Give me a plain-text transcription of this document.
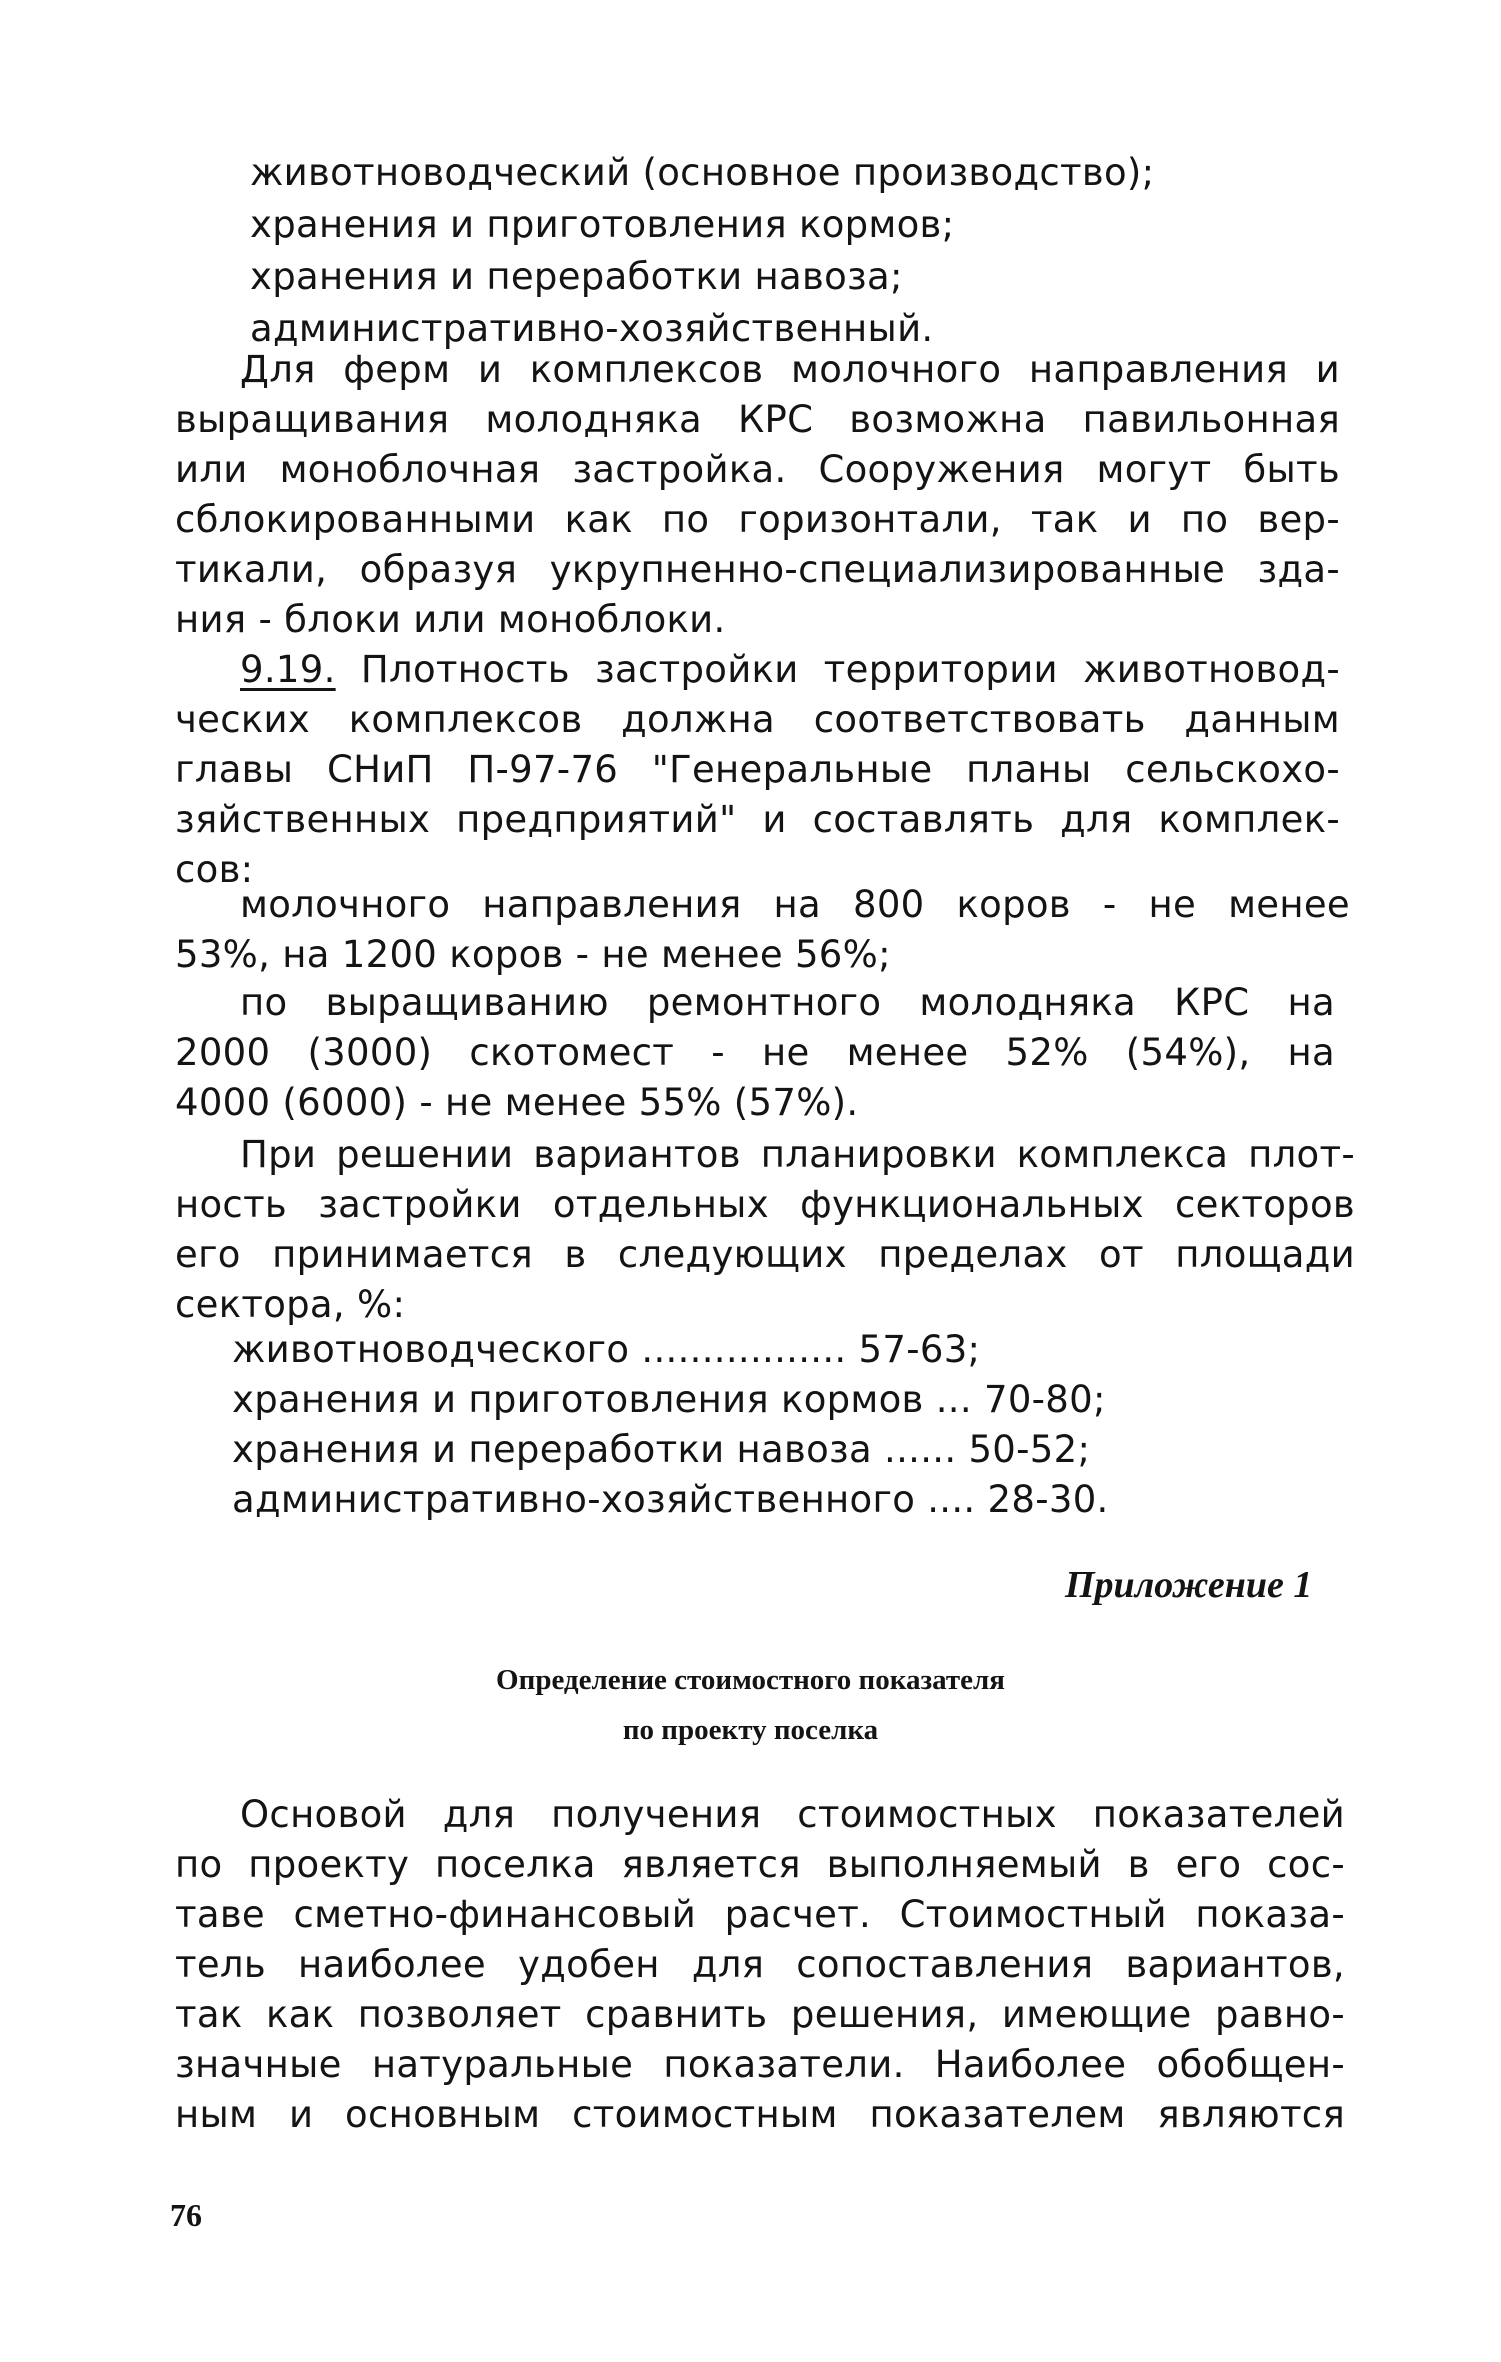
животноводческий (основное производство);
хранения и приготовления кормов;
хранения и переработки навоза;
административно-хозяйственный.
Для ферм и комплексов молочного направления и
выращивания молодняка КРС возможна павильонная
или моноблочная застройка. Сооружения могут быть
сблокированными как по горизонтали, так и по вер-
тикали, образуя укрупненно-специализированные зда-
ния - блоки или моноблоки.
9.19. Плотность застройки территории животновод-
ческих комплексов должна соответствовать данным
главы СНиП П-97-76 "Генеральные планы сельскохо-
зяйственных предприятий" и составлять для комплек-
сов:
молочного направления на 800 коров - не менее
53%, на 1200 коров - не менее 56%;
по выращиванию ремонтного молодняка КРС на
2000 (3000) скотомест - не менее 52% (54%), на
4000 (6000) - не менее 55% (57%).
При решении вариантов планировки комплекса плот-
ность застройки отдельных функциональных секторов
его принимается в следующих пределах от площади
сектора, %:
животноводческого ................. 57-63;
хранения и приготовления кормов ... 70-80;
хранения и переработки навоза ...... 50-52;
административно-хозяйственного .... 28-30.
Приложение 1
Определение стоимостного показателя
по проекту поселка
Основой для получения стоимостных показателей
по проекту поселка является выполняемый в его сос-
таве сметно-финансовый расчет. Стоимостный показа-
тель наиболее удобен для сопоставления вариантов,
так как позволяет сравнить решения, имеющие равно-
значные натуральные показатели. Наиболее обобщен-
ным и основным стоимостным показателем являются
76
